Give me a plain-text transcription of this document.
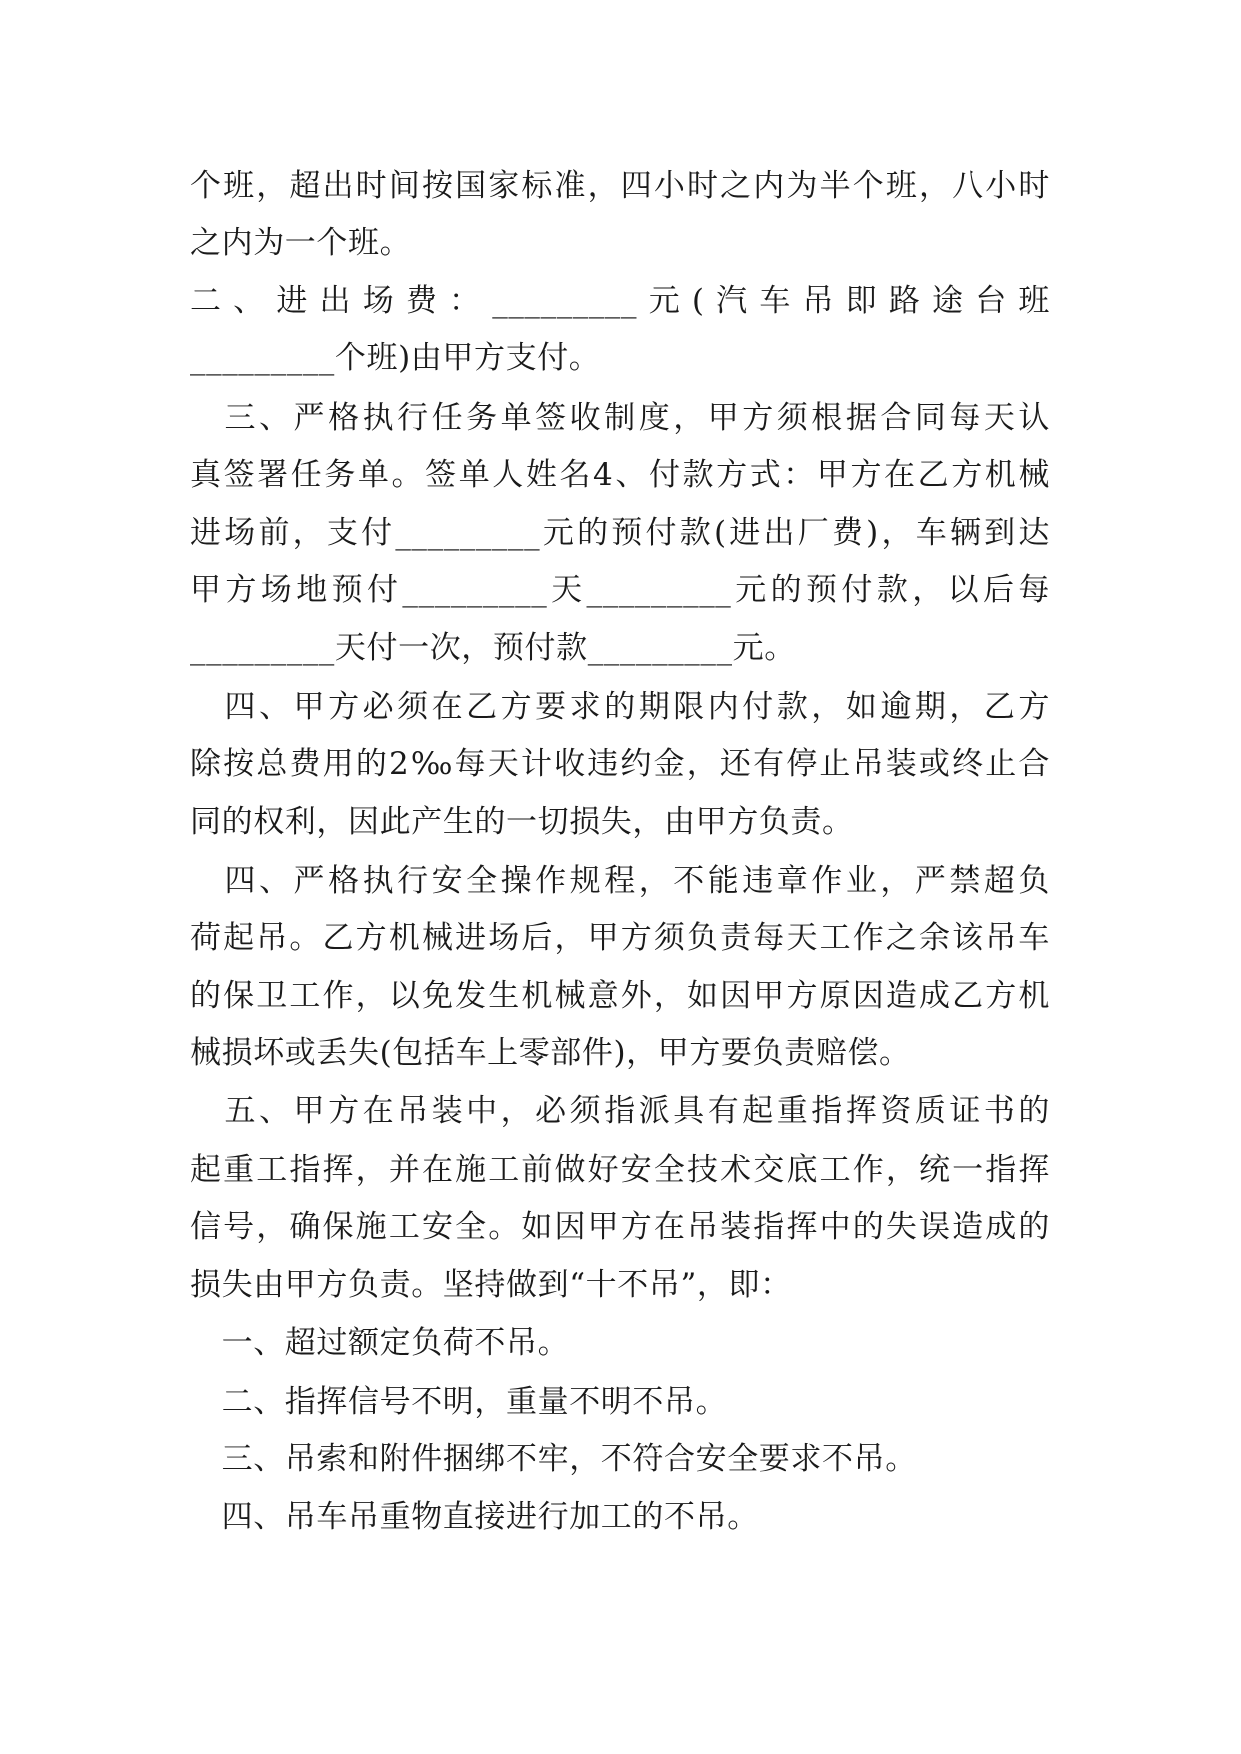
个班，超出时间按国家标准，四小时之内为半个班，八小时
之内为一个班。
二、进出场费：_________元(汽车吊即路途台班
_________个班)由甲方支付。
　三、严格执行任务单签收制度，甲方须根据合同每天认
真签署任务单。签单人姓名4、付款方式：甲方在乙方机械
进场前，支付_________元的预付款(进出厂费)，车辆到达
甲方场地预付_________天_________元的预付款，以后每
_________天付一次，预付款_________元。
　四、甲方必须在乙方要求的期限内付款，如逾期，乙方
除按总费用的2‰每天计收违约金，还有停止吊装或终止合
同的权利，因此产生的一切损失，由甲方负责。
　四、严格执行安全操作规程，不能违章作业，严禁超负
荷起吊。乙方机械进场后，甲方须负责每天工作之余该吊车
的保卫工作，以免发生机械意外，如因甲方原因造成乙方机
械损坏或丢失(包括车上零部件)，甲方要负责赔偿。
　五、甲方在吊装中，必须指派具有起重指挥资质证书的
起重工指挥，并在施工前做好安全技术交底工作，统一指挥
信号，确保施工安全。如因甲方在吊装指挥中的失误造成的
损失由甲方负责。坚持做到“十不吊”，即：
　一、超过额定负荷不吊。
　二、指挥信号不明，重量不明不吊。
　三、吊索和附件捆绑不牢，不符合安全要求不吊。
　四、吊车吊重物直接进行加工的不吊。
